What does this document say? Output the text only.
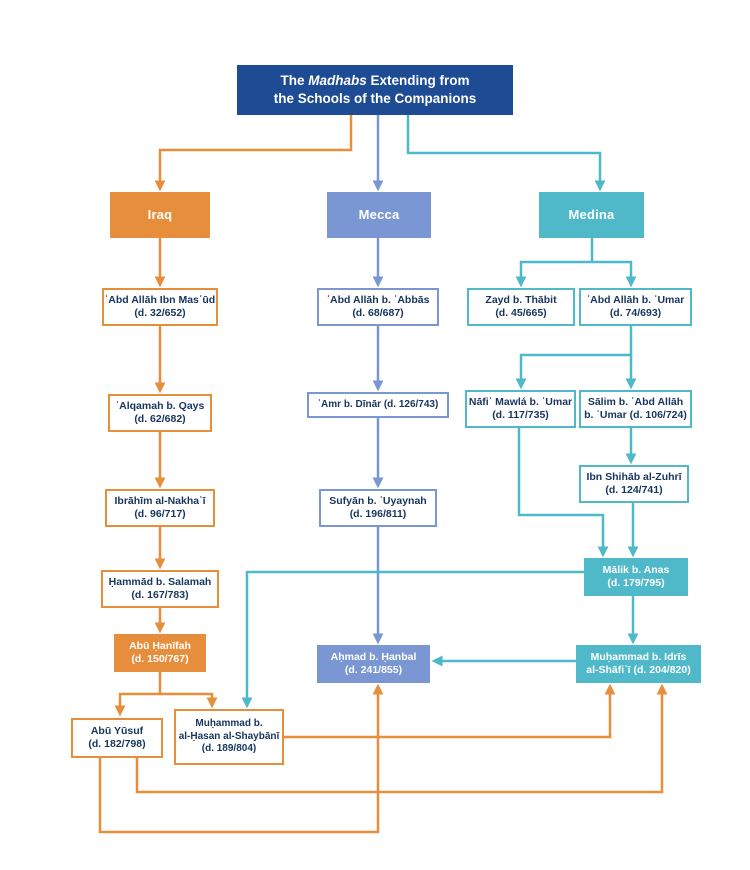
The Madhabs Extending from
the Schools of the Companions
Iraq	Mecca	Medina
ʿAbd Allāh Ibn Masʿūd
(d. 32/652)
ʿAlqamah b. Qays
(d. 62/682)
Ibrāhīm al-Nakhaʿī
(d. 96/717)
Ḥammād b. Salamah
(d. 167/783)
Abū Ḥanīfah
(d. 150/767)
Abū Yūsuf
(d. 182/798)
Muḥammad b.
al-Ḥasan al-Shaybānī
(d. 189/804)
ʿAbd Allāh b. ʿAbbās
(d. 68/687)
ʿAmr b. Dīnār (d. 126/743)
Sufyān b. ʿUyaynah
(d. 196/811)
Aḥmad b. Ḥanbal
(d. 241/855)
Zayd b. Thābit
(d. 45/665)
ʿAbd Allāh b. ʿUmar
(d. 74/693)
Nāfiʿ Mawlá b. ʿUmar
(d. 117/735)
Sālim b. ʿAbd Allāh
b. ʿUmar (d. 106/724)
Ibn Shihāb al-Zuhrī
(d. 124/741)
Mālik b. Anas
(d. 179/795)
Muḥammad b. Idrīs
al-Shāfiʿī (d. 204/820)
